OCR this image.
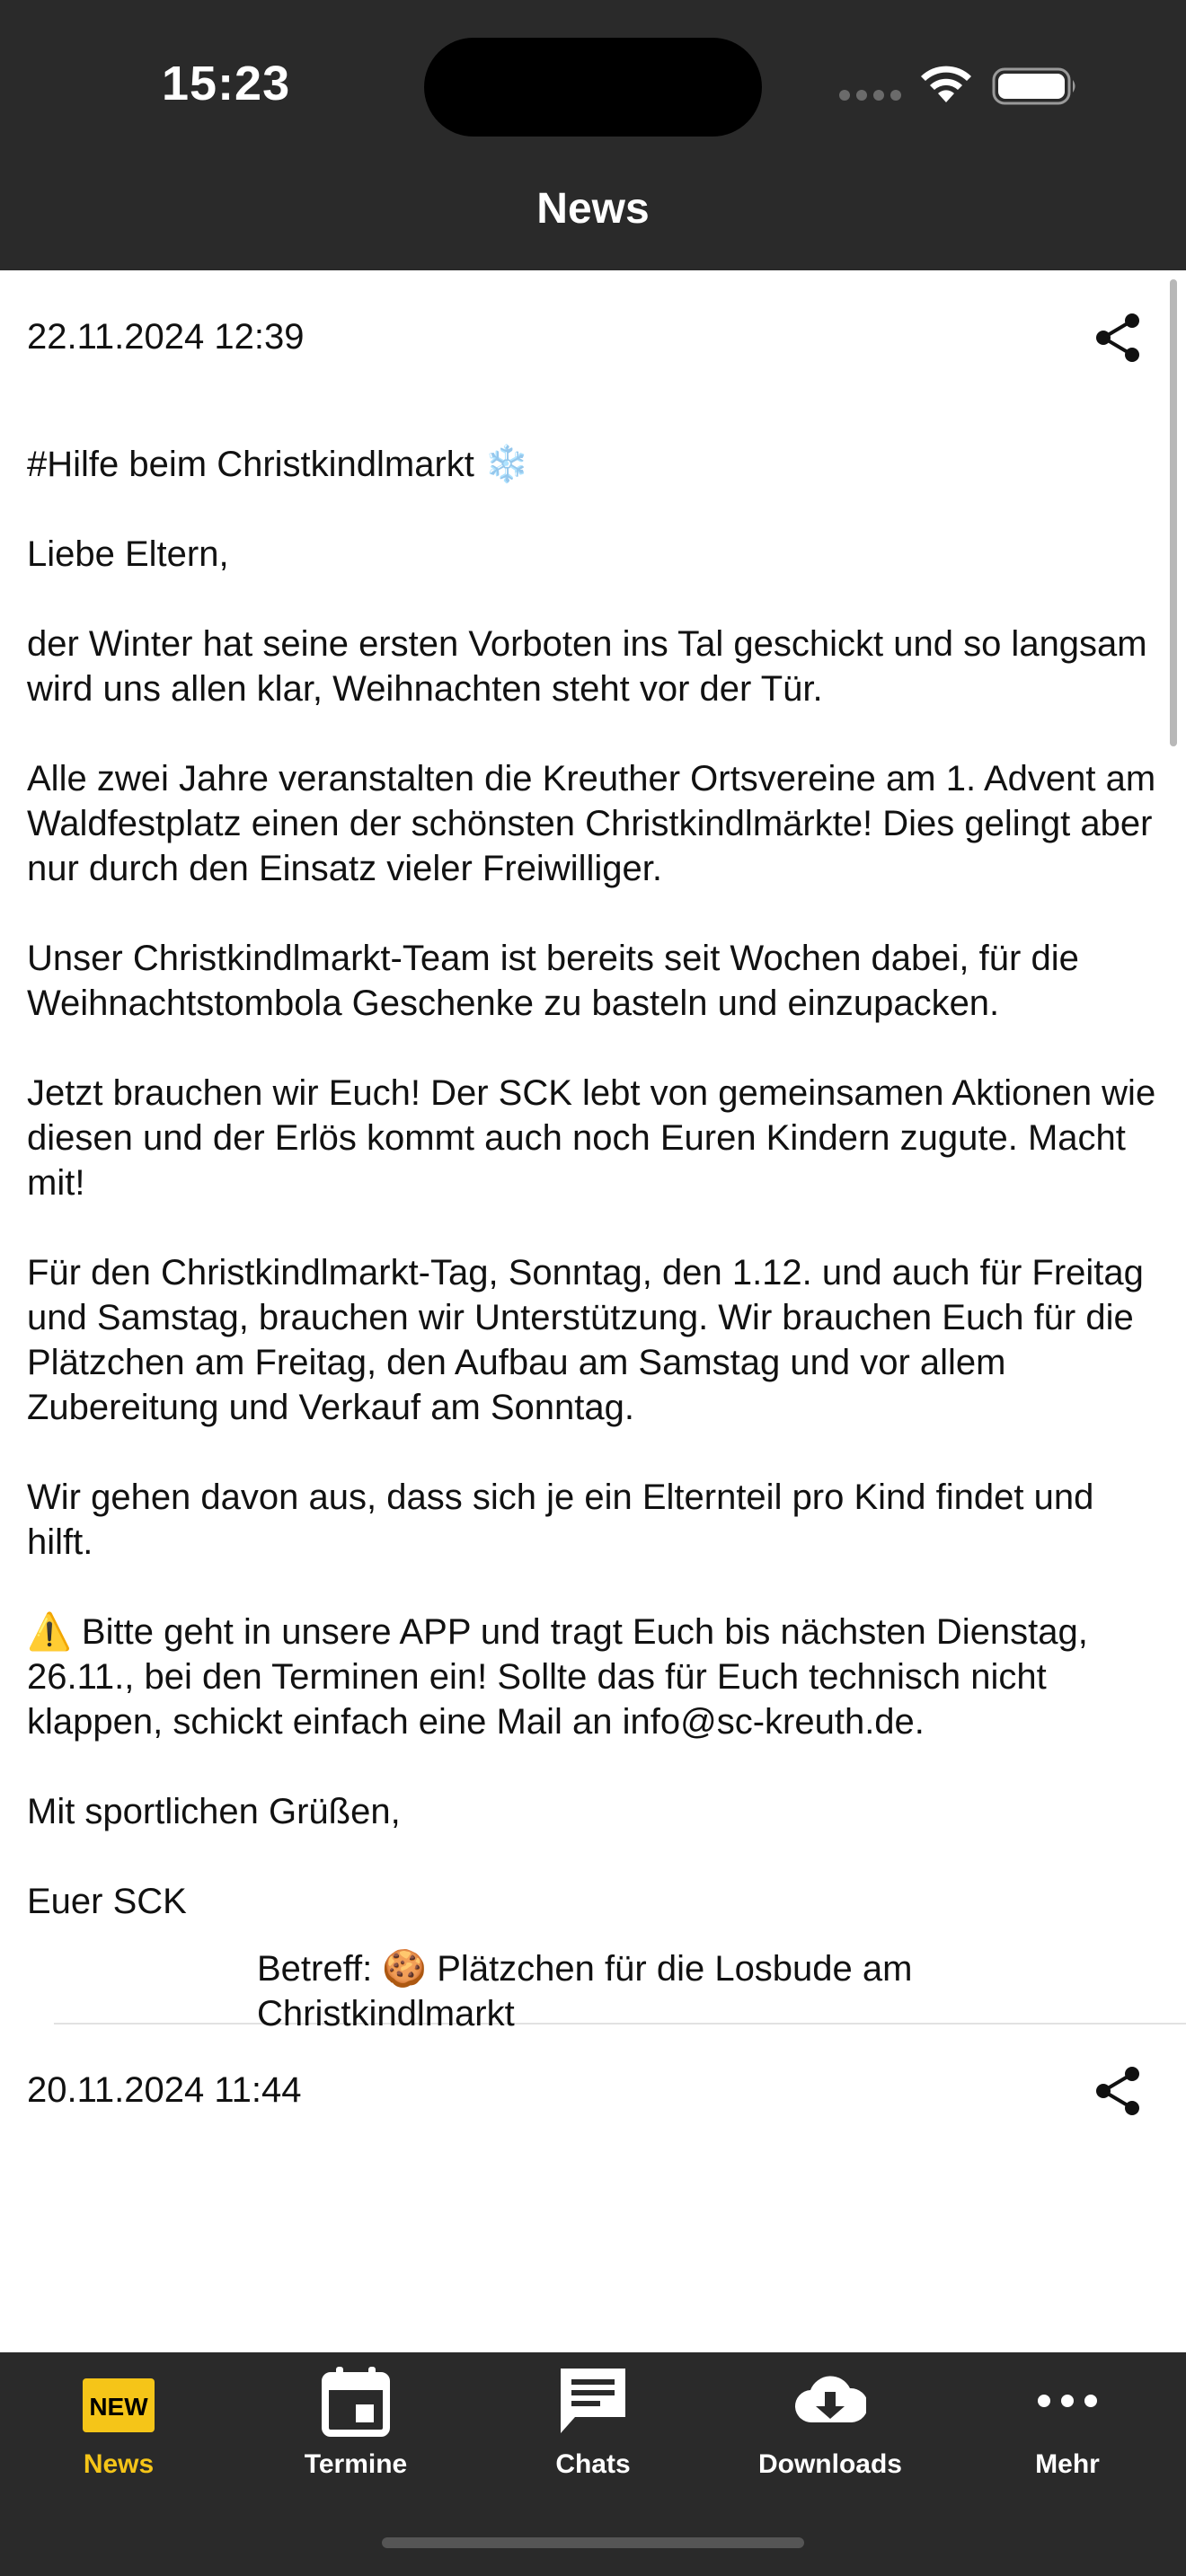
15:23
News
22.11.2024 12:39

#Hilfe beim Christkindlmarkt ❄️

Liebe Eltern,

der Winter hat seine ersten Vorboten ins Tal geschickt und so langsam wird uns allen klar, Weihnachten steht vor der Tür.

Alle zwei Jahre veranstalten die Kreuther Ortsvereine am 1. Advent am Waldfestplatz einen der schönsten Christkindlmärkte! Dies gelingt aber nur durch den Einsatz vieler Freiwilliger.

Unser Christkindlmarkt-Team ist bereits seit Wochen dabei, für die Weihnachtstombola Geschenke zu basteln und einzupacken.

Jetzt brauchen wir Euch! Der SCK lebt von gemeinsamen Aktionen wie diesen und der Erlös kommt auch noch Euren Kindern zugute. Macht mit!

Für den Christkindlmarkt-Tag, Sonntag, den 1.12. und auch für Freitag und Samstag, brauchen wir Unterstützung. Wir brauchen Euch für die Plätzchen am Freitag, den Aufbau am Samstag und vor allem Zubereitung und Verkauf am Sonntag.

Wir gehen davon aus, dass sich je ein Elternteil pro Kind findet und hilft.

⚠️ Bitte geht in unsere APP und tragt Euch bis nächsten Dienstag, 26.11., bei den Terminen ein! Sollte das für Euch technisch nicht klappen, schickt einfach eine Mail an info@sc-kreuth.de.

Mit sportlichen Grüßen,

Euer SCK

20.11.2024 11:44

Betreff: 🍪 Plätzchen für die Losbude am Christkindlmarkt

NEW
News	Termine	Chats	Downloads	Mehr
